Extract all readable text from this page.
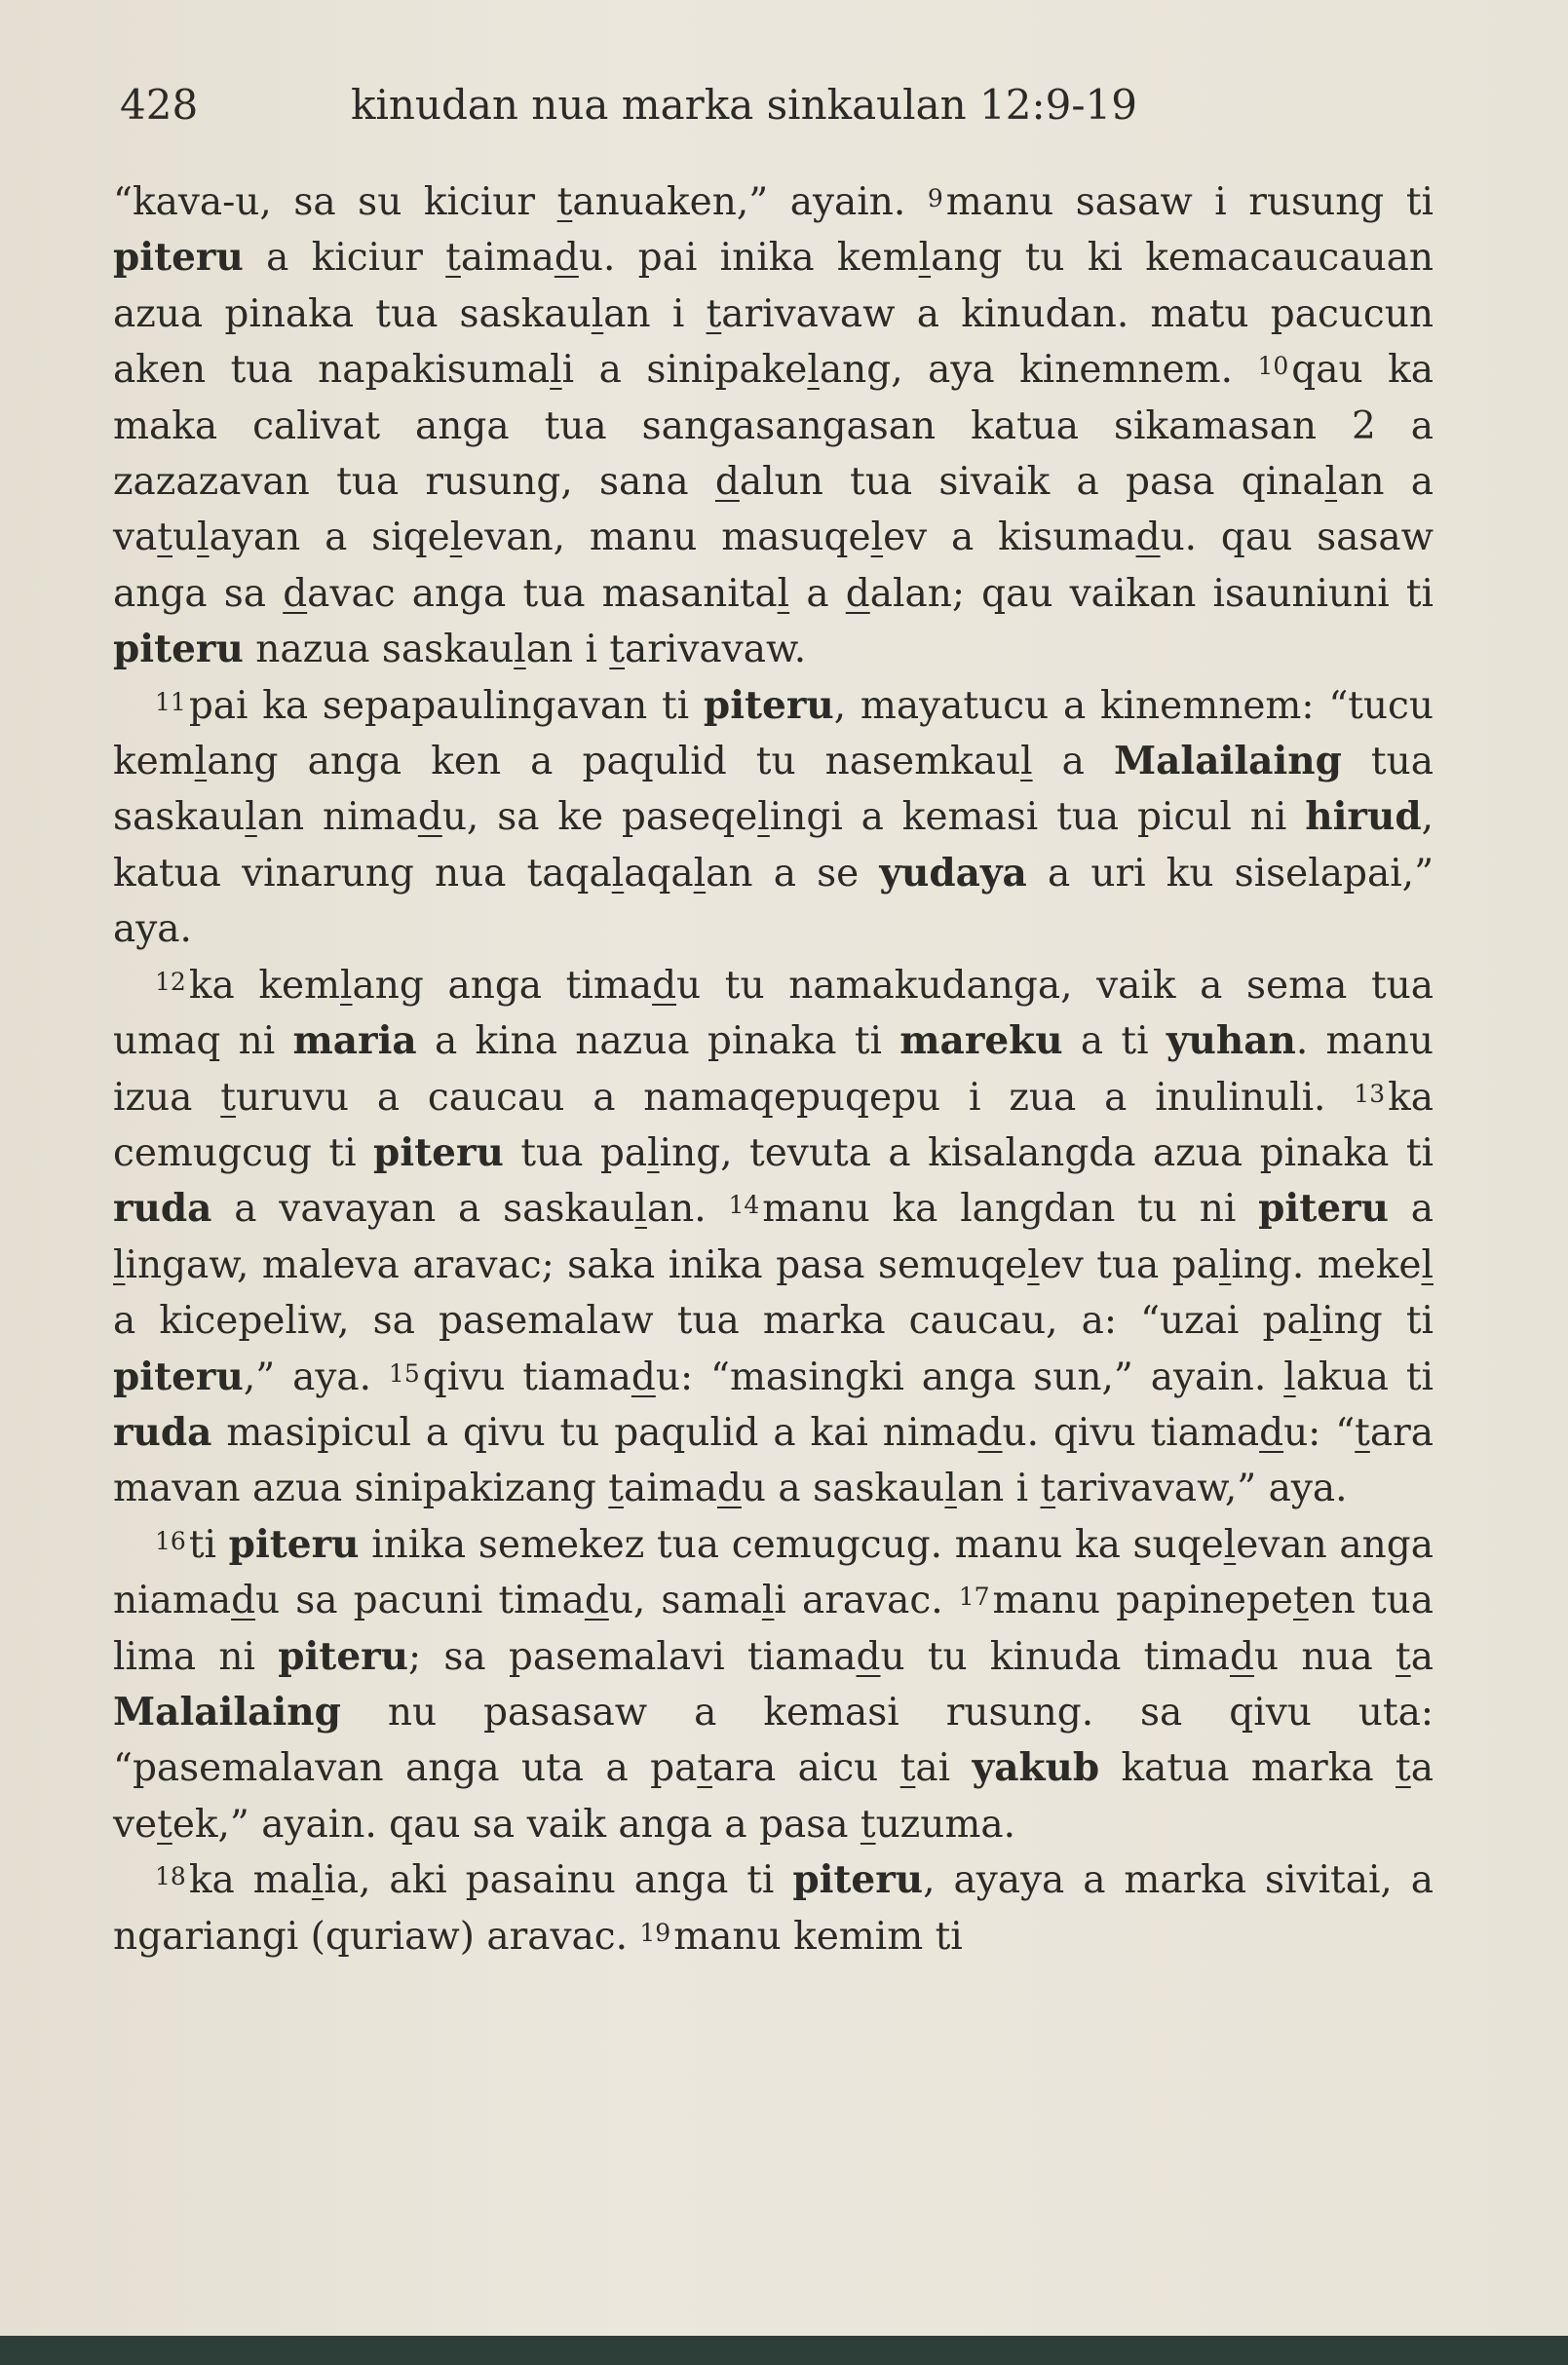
428	kinudan nua marka sinkaulan 12:9-19

“kava-u, sa su kiciur tanuaken,” ayain. $^9$manu sasaw i rusung ti piteru a kiciur taimadu. pai inika kemlang tu ki kemacaucauan azua pinaka tua saskaulan i tarivavaw a kinudan. matu pacucun aken tua napakisumali a sinipakelang, aya kinemnem. $^{10}$qau ka maka calivat anga tua sangasangasan katua sikamasan 2 a zazazavan tua rusung, sana dalun tua sivaik a pasa qinalan a vatulayan a siqelevan, manu masuqelev a kisumadu. qau sasaw anga sa davac anga tua masanital a dalan; qau vaikan isauniuni ti piteru nazua saskaulan i tarivavaw.

$^{11}$pai ka sepapaulingavan ti piteru, mayatucu a kinemnem: “tucu kemlang anga ken a paqulid tu nasemkaul a Malailaing tua saskaulan nimadu, sa ke paseqelingi a kemasi tua picul ni hirud, katua vinarung nua taqalaqalan a se yudaya a uri ku siselapai,” aya.

$^{12}$ka kemlang anga timadu tu namakudanga, vaik a sema tua umaq ni maria a kina nazua pinaka ti mareku a ti yuhan. manu izua turuvu a caucau a namaqepuqepu i zua a inulinuli. $^{13}$ka cemugcug ti piteru tua paling, tevuta a kisalangda azua pinaka ti ruda a vavayan a saskaulan. $^{14}$manu ka langdan tu ni piteru a lingaw, maleva aravac; saka inika pasa semuqelev tua paling. mekel a kicepeliw, sa pasemalaw tua marka caucau, a: “uzai paling ti piteru,” aya. $^{15}$qivu tiamadu: “masingki anga sun,” ayain. lakua ti ruda masipicul a qivu tu paqulid a kai nimadu. qivu tiamadu: “tara mavan azua sinipakizang taimadu a saskaulan i tarivavaw,” aya.

$^{16}$ti piteru inika semekez tua cemugcug. manu ka suqelevan anga niamadu sa pacuni timadu, samali aravac. $^{17}$manu papinepeten tua lima ni piteru; sa pasemalavi tiamadu tu kinuda timadu nua ta Malailaing nu pasasaw a kemasi rusung. sa qivu uta: “pasemalavan anga uta a patara aicu tai yakub katua marka ta vetek,” ayain. qau sa vaik anga a pasa tuzuma.

$^{18}$ka malia, aki pasainu anga ti piteru, ayaya a marka sivitai, a ngariangi (quriaw) aravac. $^{19}$manu kemim ti
